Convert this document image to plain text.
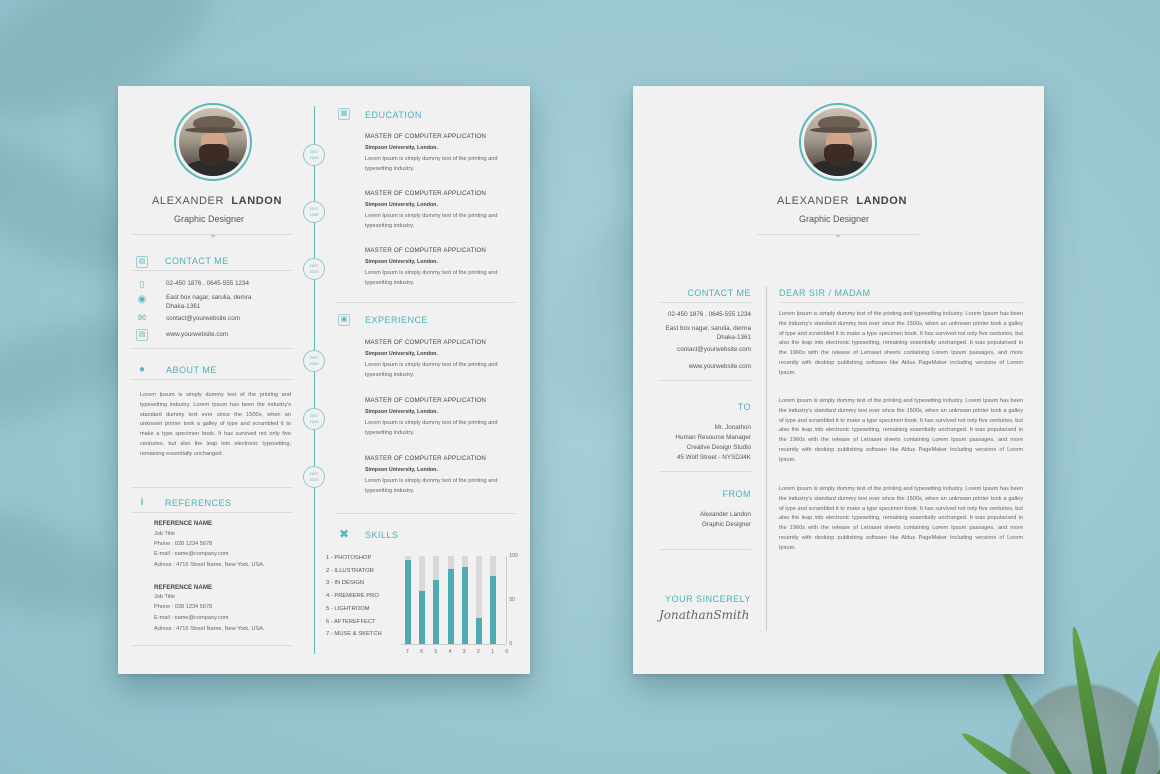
ALEXANDER LANDON
Graphic Designer
▤ CONTACT ME
▯	02-450 1876 , 0645-555 1234
◉	East box nagar, sarulia, demra
Dhaka-1361
✉	contact@yourwebsite.com
▤	www.yourwebsite.com
●	ABOUT ME
Lorem Ipsum is simply dummy text of the printing and typesetting industry. Lorem Ipsum has been the industry's standard dummy text ever since the 1500s, when an unknown printer took a galley of type and scrambled it to make a type specimen book. It has survived not only five centuries, but also the leap into electronic typesetting, remaining essentially unchanged.
i	REFERENCES
REFERENCE NAME
Job Title
Phone : 028 1234 5678
E-mail : name@company.com
Adress : 4716 Street Name, New York, USA.
REFERENCE NAME
Job Title
Phone : 028 1234 5678
E-mail : name@company.com
Adress : 4716 Street Name, New York, USA.
▦ EDUCATION
2007
2009
MASTER OF COMPUTER APPLICATION
Simpson University, London.
Lorem Ipsum is simply dummy text of the printing and typesetting industry.
2007
2009
MASTER OF COMPUTER APPLICATION
Simpson University, London.
Lorem Ipsum is simply dummy text of the printing and typesetting industry.
2007
2009
MASTER OF COMPUTER APPLICATION
Simpson University, London.
Lorem Ipsum is simply dummy text of the printing and typesetting industry.
▣ EXPERIENCE
2007
2009
MASTER OF COMPUTER APPLICATION
Simpson University, London.
Lorem Ipsum is simply dummy text of the printing and typesetting industry.
2007
2009
MASTER OF COMPUTER APPLICATION
Simpson University, London.
Lorem Ipsum is simply dummy text of the printing and typesetting industry.
2007
2009
MASTER OF COMPUTER APPLICATION
Simpson University, London.
Lorem Ipsum is simply dummy text of the printing and typesetting industry.
✖ SKILLS
1 - PHOTOSHOP
2 - ILLUSTRATOR
3 - IN DESIGN
4 - PREMIERE PRO
5 - LIGHTROOM
6 - AFTEREFFECT
7 - MUSE & SKETCH
100
50
0
7 6 5 4 3 2 1 0
ALEXANDER LANDON
Graphic Designer
CONTACT ME
02-450 1876 , 0645-555 1234
East box nagar, sarulia, demra
Dhaka-1361
contact@yourwebsite.com
www.yourwebsite.com
TO
Mr. Jonathon
Human Resource Manager
Creative Design Studio
45 Wolf Street - NYSD34K
FROM
Alexander Landon
Graphic Designer
YOUR SINCERELY
JonathanSmith
DEAR SIR / MADAM
Lorem Ipsum is simply dummy text of the printing and typesetting industry. Lorem Ipsum has been the industry's standard dummy text ever since the 1500s, when an unknown printer took a galley of type and scrambled it to make a type specimen book. It has survived not only five centuries, but also the leap into electronic typesetting, remaining essentially unchanged. It was popularised in the 1960s with the release of Letraset sheets containing Lorem Ipsum passages, and more recently with desktop publishing software like Aldus PageMaker including versions of Lorem Ipsum.
Lorem Ipsum is simply dummy text of the printing and typesetting industry. Lorem Ipsum has been the industry's standard dummy text ever since the 1500s, when an unknown printer took a galley of type and scrambled it to make a type specimen book. It has survived not only five centuries, but also the leap into electronic typesetting, remaining essentially unchanged. It was popularised in the 1960s with the release of Letraset sheets containing Lorem Ipsum passages, and more recently with desktop publishing software like Aldus PageMaker including versions of Lorem Ipsum.
Lorem Ipsum is simply dummy text of the printing and typesetting industry. Lorem Ipsum has been the industry's standard dummy text ever since the 1500s, when an unknown printer took a galley of type and scrambled it to make a type specimen book. It has survived not only five centuries, but also the leap into electronic typesetting, remaining essentially unchanged. It was popularised in the 1960s with the release of Letraset sheets containing Lorem Ipsum passages, and more recently with desktop publishing software like Aldus PageMaker including versions of Lorem Ipsum.
